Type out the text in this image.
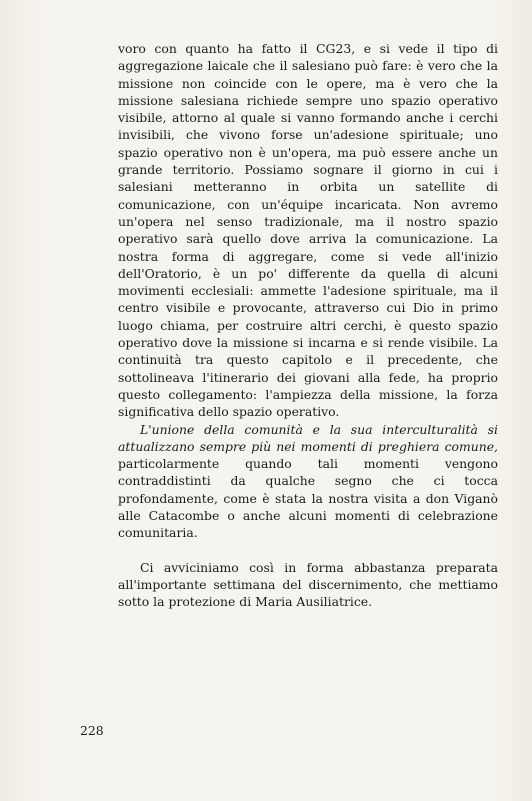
voro con quanto ha fatto il CG23, e si vede il tipo di aggregazione laicale che il salesiano può fare: è vero che la missione non coincide con le opere, ma è vero che la missione salesiana richiede sempre uno spazio operativo visibile, attorno al quale si vanno formando anche i cerchi invisibili, che vivono forse un'adesione spirituale; uno spazio operativo non è un'opera, ma può essere anche un grande territorio. Possiamo sognare il giorno in cui i salesiani metteranno in orbita un satellite di comunicazione, con un'équipe incaricata. Non avremo un'opera nel senso tradizionale, ma il nostro spazio operativo sarà quello dove arriva la comunicazione. La nostra forma di aggregare, come si vede all'inizio dell'Oratorio, è un po' differente da quella di alcuni movimenti ecclesiali: ammette l'adesione spirituale, ma il centro visibile e provocante, attraverso cui Dio in primo luogo chiama, per costruire altri cerchi, è questo spazio operativo dove la missione si incarna e si rende visibile. La continuità tra questo capitolo e il precedente, che sottolineava l'itinerario dei giovani alla fede, ha proprio questo collegamento: l'ampiezza della missione, la forza significativa dello spazio operativo.

L'unione della comunità e la sua interculturalità si attualizzano sempre più nei momenti di preghiera comune, particolarmente quando tali momenti vengono contraddistinti da qualche segno che ci tocca profondamente, come è stata la nostra visita a don Viganò alle Catacombe o anche alcuni momenti di celebrazione comunitaria.

Ci avviciniamo così in forma abbastanza preparata all'importante settimana del discernimento, che mettiamo sotto la protezione di Maria Ausiliatrice.

228
